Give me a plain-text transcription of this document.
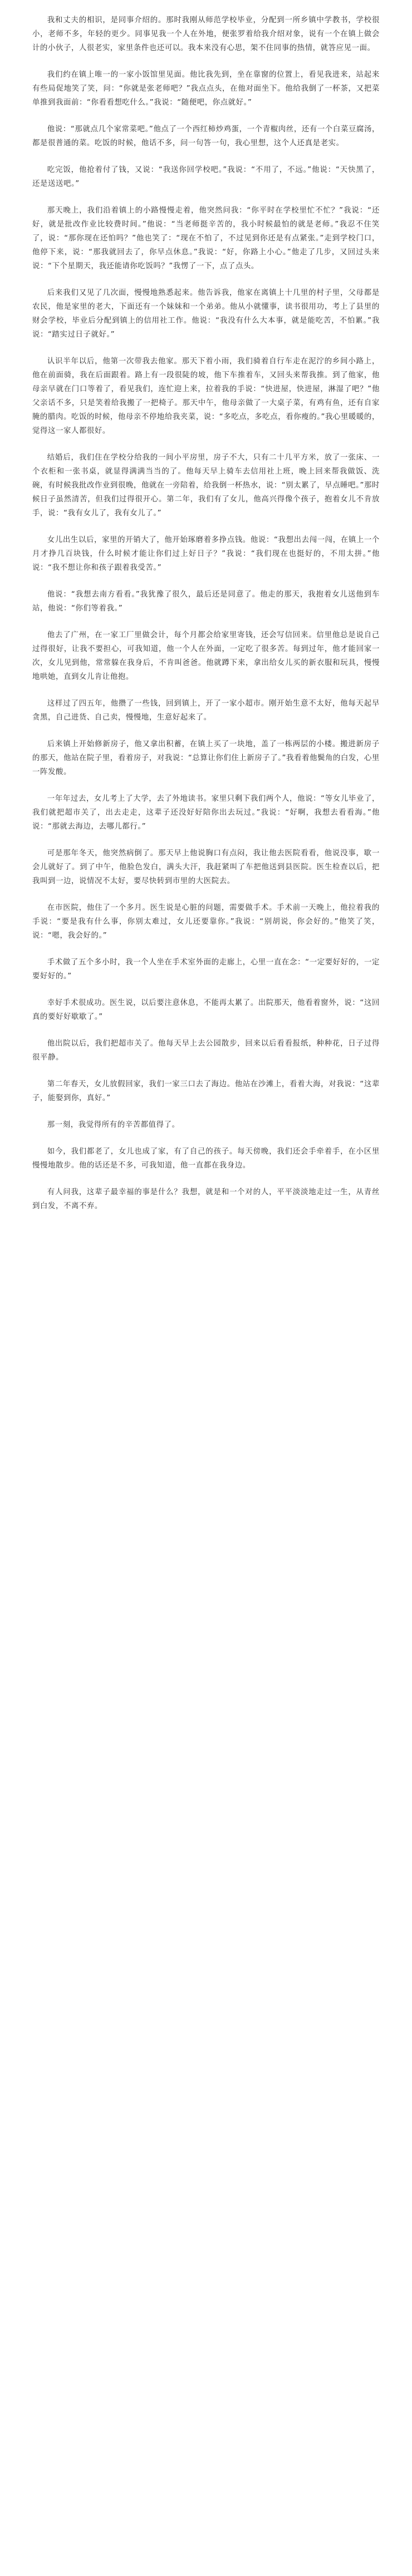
我和丈夫的相识，是同事介绍的。那时我刚从师范学校毕业，分配到一所乡镇中学教书，学校很小，老师不多，年轻的更少。同事见我一个人在外地，便张罗着给我介绍对象，说有一个在镇上做会计的小伙子，人很老实，家里条件也还可以。我本来没有心思，架不住同事的热情，就答应见一面。

我们约在镇上唯一的一家小饭馆里见面。他比我先到，坐在靠窗的位置上，看见我进来，站起来有些局促地笑了笑，问：“你就是张老师吧？”我点点头，在他对面坐下。他给我倒了一杯茶，又把菜单推到我面前：“你看看想吃什么。”我说：“随便吧，你点就好。”

他说：“那就点几个家常菜吧。”他点了一个西红柿炒鸡蛋，一个青椒肉丝，还有一个白菜豆腐汤，都是很普通的菜。吃饭的时候，他话不多，问一句答一句，我心里想，这个人还真是老实。

吃完饭，他抢着付了钱，又说：“我送你回学校吧。”我说：“不用了，不远。”他说：“天快黑了，还是送送吧。”

那天晚上，我们沿着镇上的小路慢慢走着，他突然问我：“你平时在学校里忙不忙？”我说：“还好，就是批改作业比较费时间。”他说：“当老师挺辛苦的，我小时候最怕的就是老师。”我忍不住笑了，说：“那你现在还怕吗？”他也笑了：“现在不怕了，不过见到你还是有点紧张。”走到学校门口，他停下来，说：“那我就回去了，你早点休息。”我说：“好，你路上小心。”他走了几步，又回过头来说：“下个星期天，我还能请你吃饭吗？”我愣了一下，点了点头。

后来我们又见了几次面，慢慢地熟悉起来。他告诉我，他家在离镇上十几里的村子里，父母都是农民，他是家里的老大，下面还有一个妹妹和一个弟弟。他从小就懂事，读书很用功，考上了县里的财会学校，毕业后分配到镇上的信用社工作。他说：“我没有什么大本事，就是能吃苦，不怕累。”我说：“踏实过日子就好。”

认识半年以后，他第一次带我去他家。那天下着小雨，我们骑着自行车走在泥泞的乡间小路上，他在前面骑，我在后面跟着。路上有一段很陡的坡，他下车推着车，又回头来帮我推。到了他家，他母亲早就在门口等着了，看见我们，连忙迎上来，拉着我的手说：“快进屋，快进屋，淋湿了吧？”他父亲话不多，只是笑着给我搬了一把椅子。那天中午，他母亲做了一大桌子菜，有鸡有鱼，还有自家腌的腊肉。吃饭的时候，他母亲不停地给我夹菜，说：“多吃点，多吃点，看你瘦的。”我心里暖暖的，觉得这一家人都很好。

结婚后，我们住在学校分给我的一间小平房里，房子不大，只有二十几平方米，放了一张床、一个衣柜和一张书桌，就显得满满当当的了。他每天早上骑车去信用社上班，晚上回来帮我做饭、洗碗，有时候我批改作业到很晚，他就在一旁陪着，给我倒一杯热水，说：“别太累了，早点睡吧。”那时候日子虽然清苦，但我们过得很开心。第二年，我们有了女儿，他高兴得像个孩子，抱着女儿不肯放手，说：“我有女儿了，我有女儿了。”

女儿出生以后，家里的开销大了，他开始琢磨着多挣点钱。他说：“我想出去闯一闯，在镇上一个月才挣几百块钱，什么时候才能让你们过上好日子？”我说：“我们现在也挺好的，不用太拼。”他说：“我不想让你和孩子跟着我受苦。”

他说：“我想去南方看看。”我犹豫了很久，最后还是同意了。他走的那天，我抱着女儿送他到车站，他说：“你们等着我。”

他去了广州，在一家工厂里做会计，每个月都会给家里寄钱，还会写信回来。信里他总是说自己过得很好，让我不要担心，可我知道，他一个人在外面，一定吃了很多苦。每到过年，他才能回家一次，女儿见到他，常常躲在我身后，不肯叫爸爸。他就蹲下来，拿出给女儿买的新衣服和玩具，慢慢地哄她，直到女儿肯让他抱。

这样过了四五年，他攒了一些钱，回到镇上，开了一家小超市。刚开始生意不太好，他每天起早贪黑，自己进货、自己卖，慢慢地，生意好起来了。

后来镇上开始修新房子，他又拿出积蓄，在镇上买了一块地，盖了一栋两层的小楼。搬进新房子的那天，他站在院子里，看着房子，对我说：“总算让你们住上新房子了。”我看着他鬓角的白发，心里一阵发酸。

一年年过去，女儿考上了大学，去了外地读书。家里只剩下我们两个人，他说：“等女儿毕业了，我们就把超市关了，出去走走，这辈子还没好好陪你出去玩过。”我说：“好啊，我想去看看海。”他说：“那就去海边，去哪儿都行。”

可是那年冬天，他突然病倒了。那天早上他说胸口有点闷，我让他去医院看看，他说没事，歇一会儿就好了。到了中午，他脸色发白，满头大汗，我赶紧叫了车把他送到县医院。医生检查以后，把我叫到一边，说情况不太好，要尽快转到市里的大医院去。

在市医院，他住了一个多月。医生说是心脏的问题，需要做手术。手术前一天晚上，他拉着我的手说：“要是我有什么事，你别太难过，女儿还要靠你。”我说：“别胡说，你会好的。”他笑了笑，说：“嗯，我会好的。”

手术做了五个多小时，我一个人坐在手术室外面的走廊上，心里一直在念：“一定要好好的，一定要好好的。”

幸好手术很成功。医生说，以后要注意休息，不能再太累了。出院那天，他看着窗外，说：“这回真的要好好歇歇了。”

他出院以后，我们把超市关了。他每天早上去公园散步，回来以后看看报纸，种种花，日子过得很平静。

第二年春天，女儿放假回家，我们一家三口去了海边。他站在沙滩上，看着大海，对我说：“这辈子，能娶到你，真好。”

那一刻，我觉得所有的辛苦都值得了。

如今，我们都老了，女儿也成了家，有了自己的孩子。每天傍晚，我们还会手牵着手，在小区里慢慢地散步。他的话还是不多，可我知道，他一直都在我身边。

有人问我，这辈子最幸福的事是什么？我想，就是和一个对的人，平平淡淡地走过一生，从青丝到白发，不离不弃。
